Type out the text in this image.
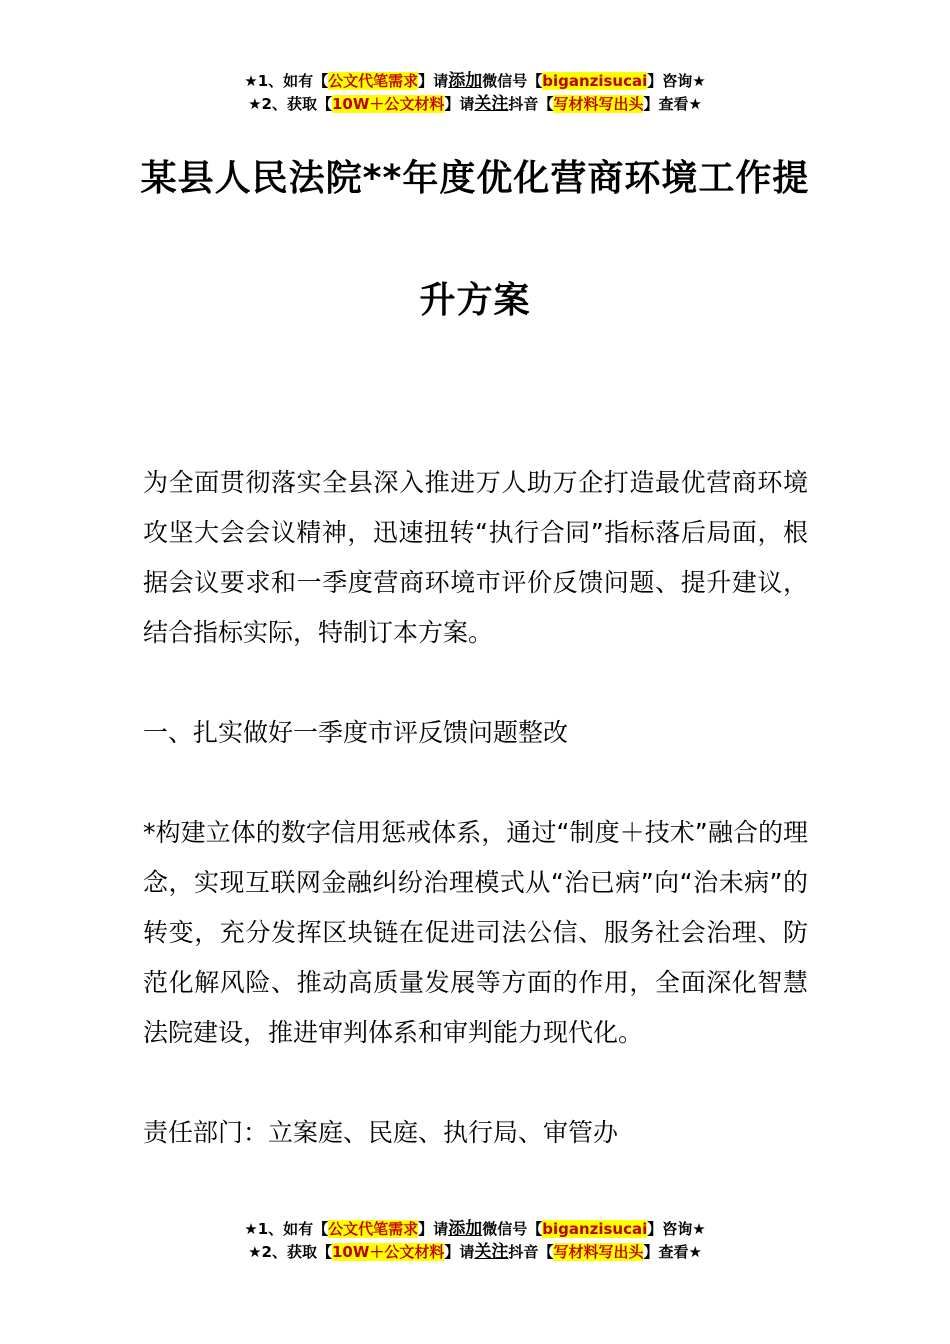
★1、如有【公文代笔需求】请添加微信号【biganzisucai】咨询★
★2、获取【10W＋公文材料】请关注抖音【写材料写出头】查看★
某县人民法院**年度优化营商环境工作提
升方案

为全面贯彻落实全县深入推进万人助万企打造最优营商环境攻坚大会会议精神，迅速扭转“执行合同”指标落后局面，根据会议要求和一季度营商环境市评价反馈问题、提升建议，结合指标实际，特制订本方案。

一、扎实做好一季度市评反馈问题整改

*构建立体的数字信用惩戒体系，通过“制度＋技术”融合的理念，实现互联网金融纠纷治理模式从“治已病”向“治未病”的转变，充分发挥区块链在促进司法公信、服务社会治理、防范化解风险、推动高质量发展等方面的作用，全面深化智慧法院建设，推进审判体系和审判能力现代化。

责任部门：立案庭、民庭、执行局、审管办

★1、如有【公文代笔需求】请添加微信号【biganzisucai】咨询★
★2、获取【10W＋公文材料】请关注抖音【写材料写出头】查看★
